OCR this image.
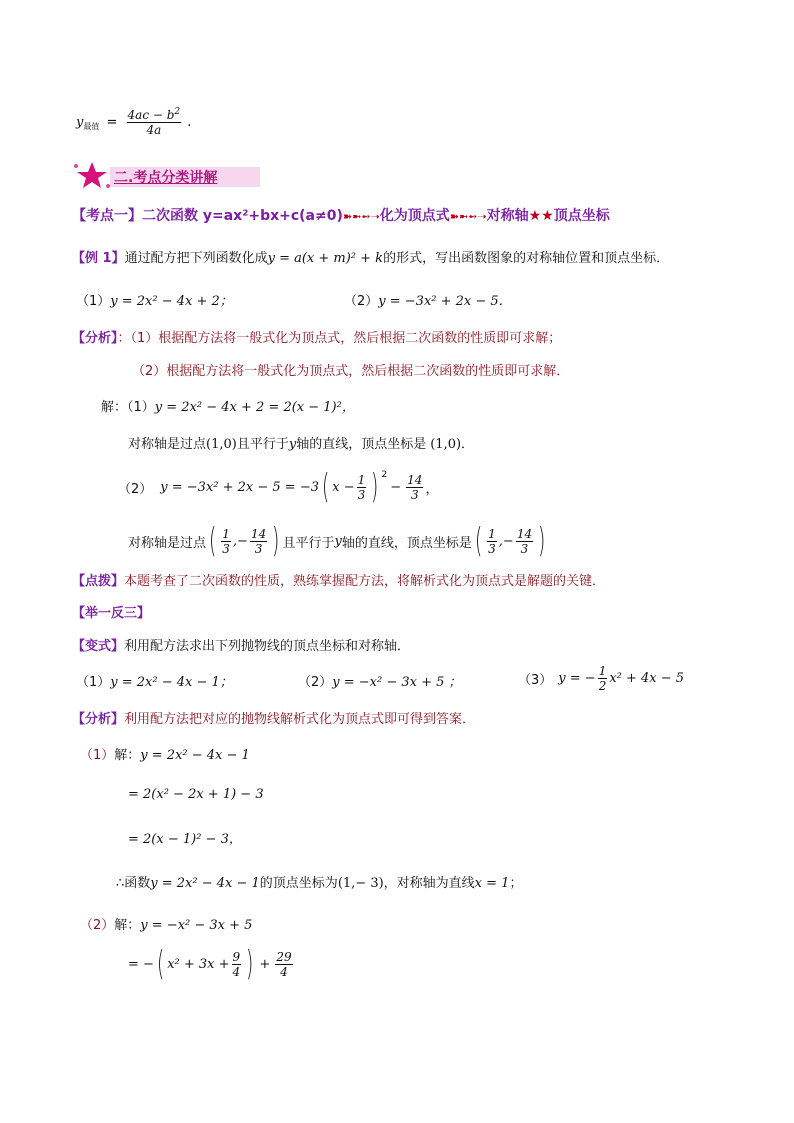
$y_{最值} = \frac{4ac - b^2}{4a}$ .
二.考点分类讲解
【考点一】二次函数 y=ax²+bx+c(a≠0)➽➼➻➝化为顶点式➽➼➻➝对称轴★★顶点坐标
【例 1】通过配方把下列函数化成y = a(x + m)² + k的形式，写出函数图象的对称轴位置和顶点坐标．
（1）y = 2x² − 4x + 2；	（2）y = −3x² + 2x − 5．
【分析】：（1）根据配方法将一般式化为顶点式，然后根据二次函数的性质即可求解；
（2）根据配方法将一般式化为顶点式，然后根据二次函数的性质即可求解．
解：（1）y = 2x² − 4x + 2 = 2(x − 1)²，
对称轴是过点(1,0)且平行于y轴的直线，顶点坐标是 (1,0)．
（2） y = −3x² + 2x − 5 = −3 ( $x - \frac{1}{3}$ ) $^2$
− $\frac{14}{3}$ ，
对称轴是过点 ( $\frac{1}{3}$ ,− $\frac{14}{3}$ ) 且平行于 y 轴的直线，顶点坐标是 ( $\frac{1}{3}$ ,− $\frac{14}{3}$ )
【点拨】本题考查了二次函数的性质，熟练掌握配方法，将解析式化为顶点式是解题的关键．
【举一反三】
【变式】利用配方法求出下列抛物线的顶点坐标和对称轴．
（1）y = 2x² − 4x − 1；	（2）y = −x² − 3x + 5 ；	（3） y = − $\frac{1}{2} x^2 + 4x - 5$
【分析】利用配方法把对应的抛物线解析式化为顶点式即可得到答案．
（1）解：y = 2x² − 4x − 1
= 2(x² − 2x + 1) − 3
= 2(x − 1)² − 3，
∴函数y = 2x² − 4x − 1的顶点坐标为(1,− 3)，对称轴为直线x = 1；
（2）解：y = −x² − 3x + 5
= − ( $x^2 + 3x + \frac{9}{4}$ ) + $\frac{29}{4}$
